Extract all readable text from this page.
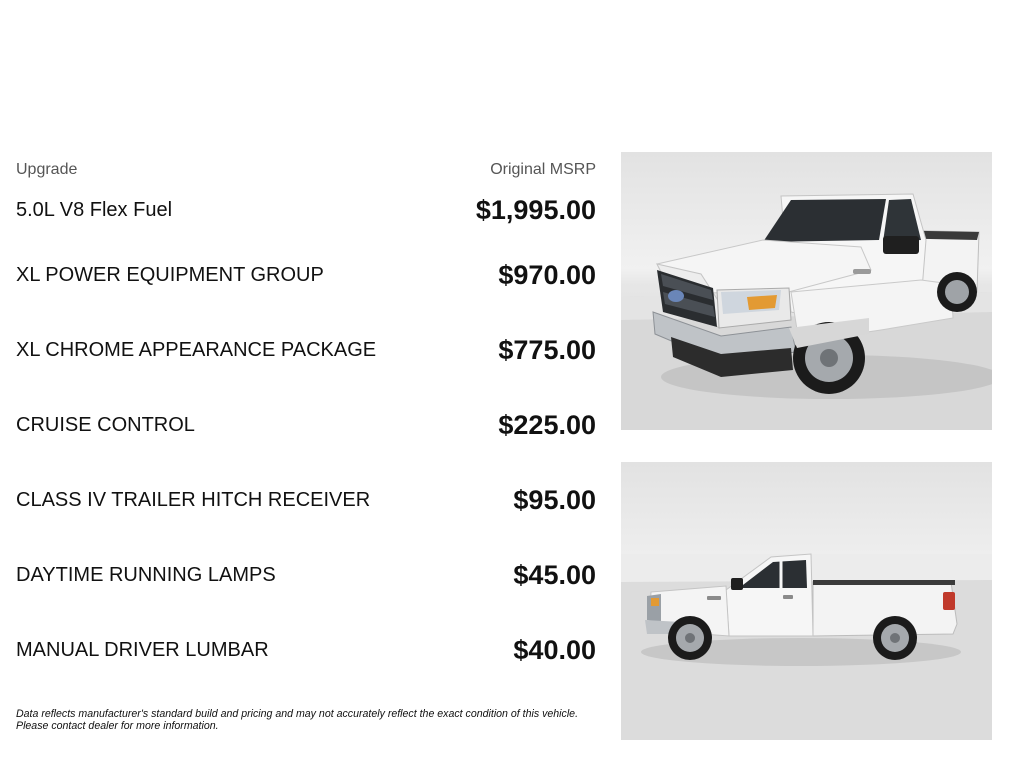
Upgrade	Original MSRP
5.0L V8 Flex Fuel	$1,995.00
XL POWER EQUIPMENT GROUP	$970.00
XL CHROME APPEARANCE PACKAGE	$775.00
CRUISE CONTROL	$225.00
CLASS IV TRAILER HITCH RECEIVER	$95.00
DAYTIME RUNNING LAMPS	$45.00
MANUAL DRIVER LUMBAR	$40.00
Data reflects manufacturer's standard build and pricing and may not accurately reflect the exact condition of this vehicle.
Please contact dealer for more information.
